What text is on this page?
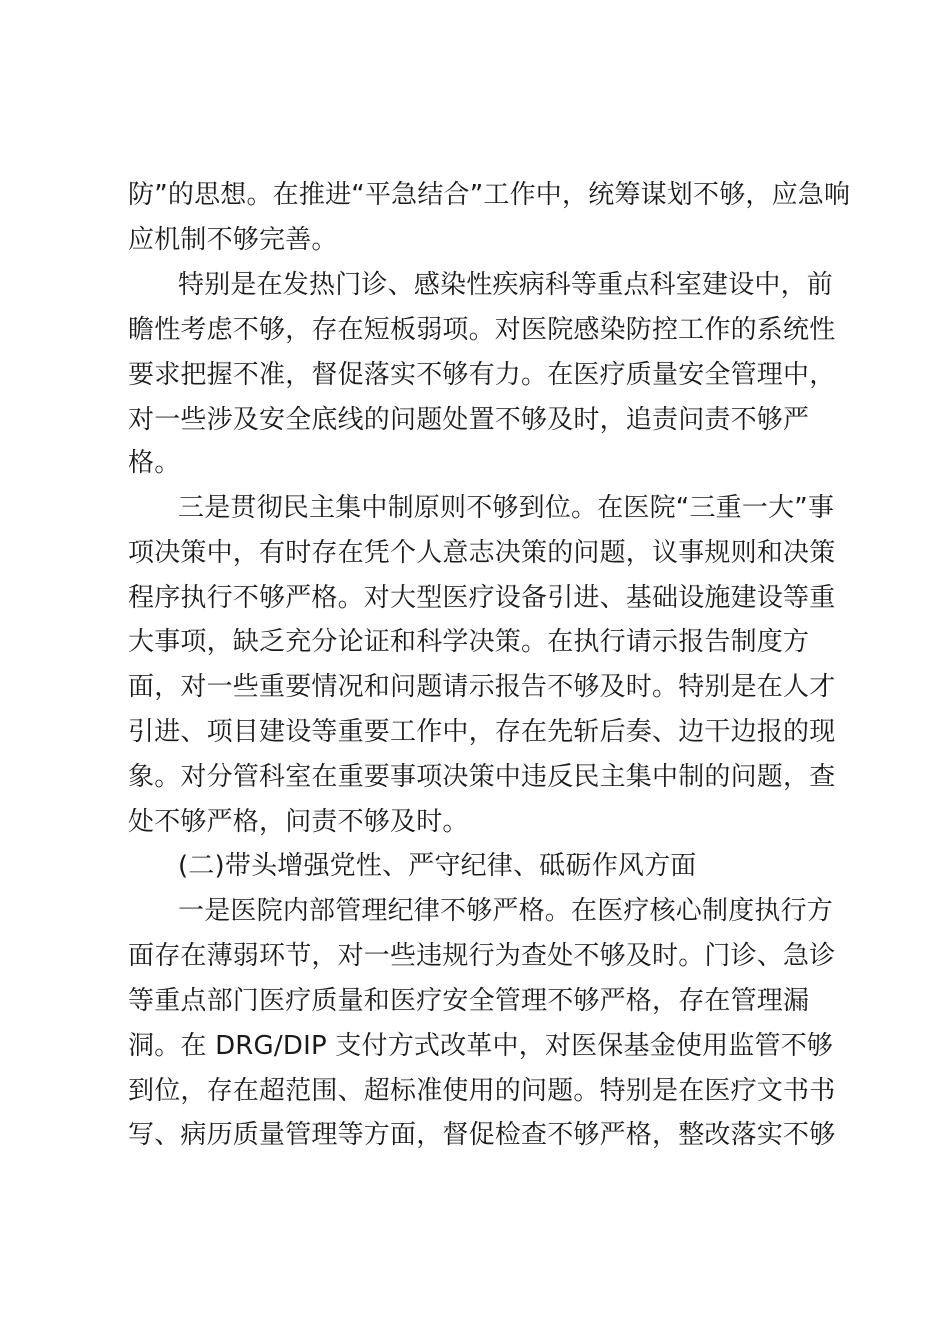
防”的思想。在推进“平急结合”工作中，统筹谋划不够，应急响
应机制不够完善。
特别是在发热门诊、感染性疾病科等重点科室建设中，前
瞻性考虑不够，存在短板弱项。对医院感染防控工作的系统性
要求把握不准，督促落实不够有力。在医疗质量安全管理中，
对一些涉及安全底线的问题处置不够及时，追责问责不够严
格。
三是贯彻民主集中制原则不够到位。在医院“三重一大”事
项决策中，有时存在凭个人意志决策的问题，议事规则和决策
程序执行不够严格。对大型医疗设备引进、基础设施建设等重
大事项，缺乏充分论证和科学决策。在执行请示报告制度方
面，对一些重要情况和问题请示报告不够及时。特别是在人才
引进、项目建设等重要工作中，存在先斩后奏、边干边报的现
象。对分管科室在重要事项决策中违反民主集中制的问题，查
处不够严格，问责不够及时。
(二)带头增强党性、严守纪律、砥砺作风方面
一是医院内部管理纪律不够严格。在医疗核心制度执行方
面存在薄弱环节，对一些违规行为查处不够及时。门诊、急诊
等重点部门医疗质量和医疗安全管理不够严格，存在管理漏
洞。在 DRG/DIP 支付方式改革中，对医保基金使用监管不够
到位，存在超范围、超标准使用的问题。特别是在医疗文书书
写、病历质量管理等方面，督促检查不够严格，整改落实不够
